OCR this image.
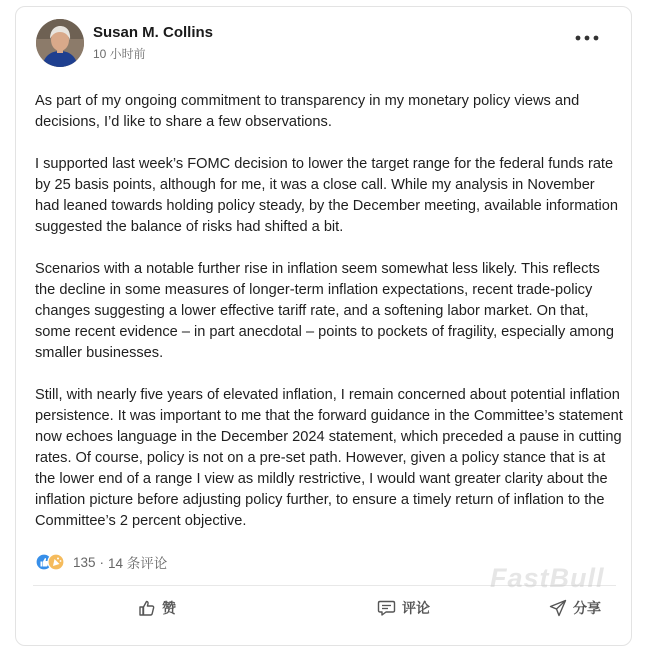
Susan M. Collins
10 小时前

As part of my ongoing commitment to transparency in my monetary policy views and decisions, I’d like to share a few observations.

I supported last week’s FOMC decision to lower the target range for the federal funds rate by 25 basis points, although for me, it was a close call. While my analysis in November had leaned towards holding policy steady, by the December meeting, available information suggested the balance of risks had shifted a bit.

Scenarios with a notable further rise in inflation seem somewhat less likely. This reflects the decline in some measures of longer-term inflation expectations, recent trade-policy changes suggesting a lower effective tariff rate, and a softening labor market. On that, some recent evidence – in part anecdotal – points to pockets of fragility, especially among smaller businesses.

Still, with nearly five years of elevated inflation, I remain concerned about potential inflation persistence. It was important to me that the forward guidance in the Committee’s statement now echoes language in the December 2024 statement, which preceded a pause in cutting rates. Of course, policy is not on a pre-set path. However, given a policy stance that is at the lower end of a range I view as mildly restrictive, I would want greater clarity about the inflation picture before adjusting policy further, to ensure a timely return of inflation to the Committee’s 2 percent objective.

135 · 14 条评论
赞	评论	分享
FastBull
